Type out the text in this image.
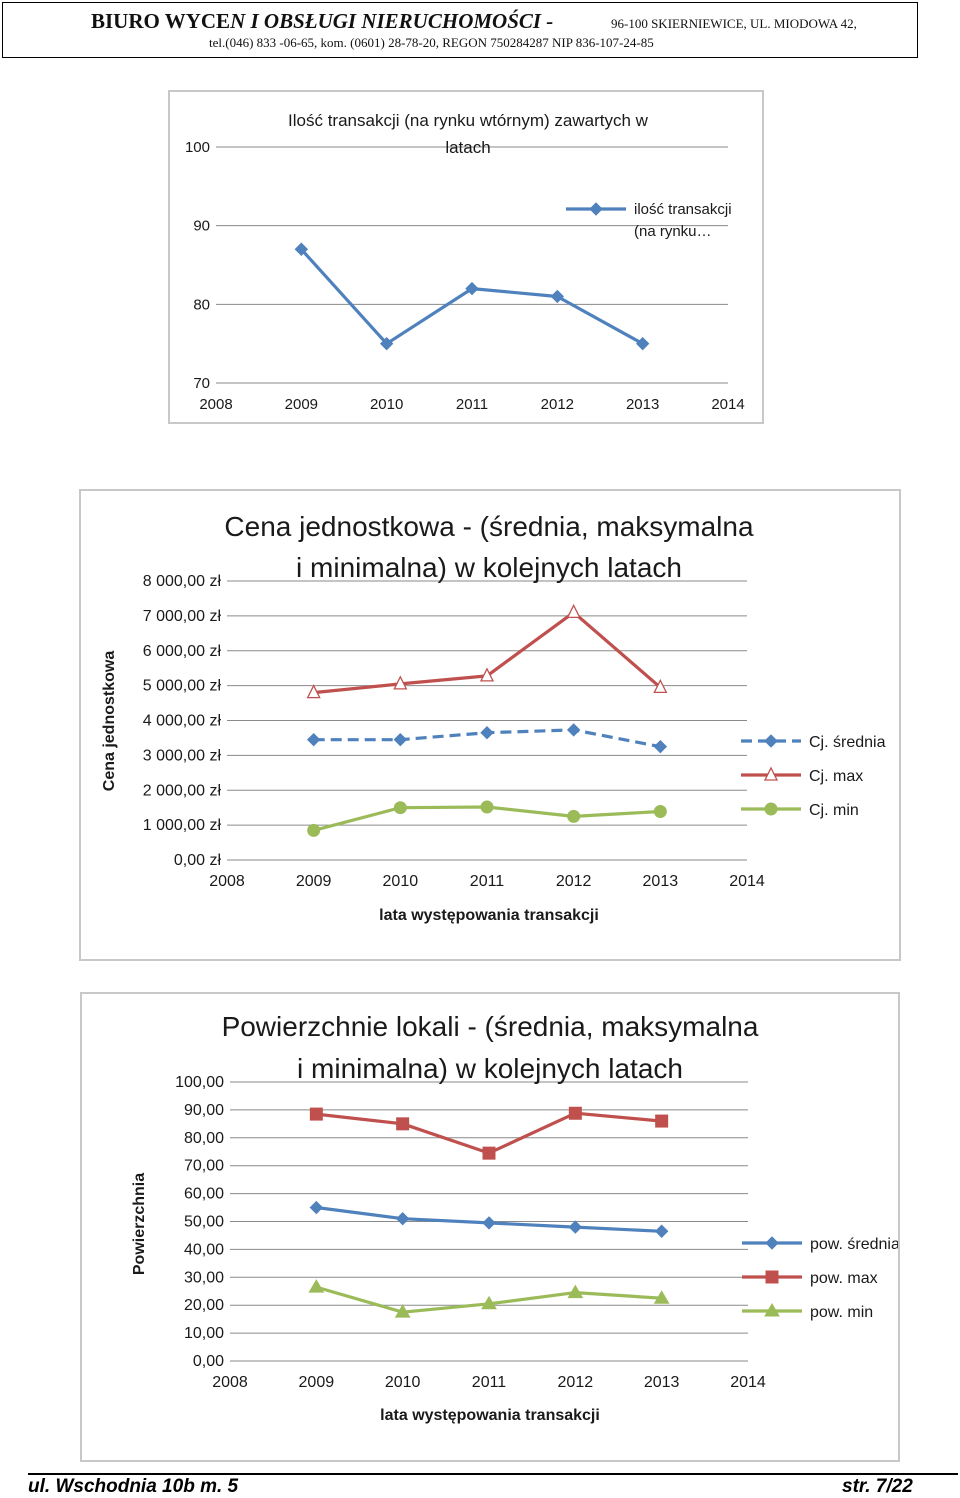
BIURO WYCEN I OBSŁUGI NIERUCHOMOŚCI -	96-100 SKIERNIEWICE, UL. MIODOWA 42,
tel.(046) 833 -06-65, kom. (0601) 28-78-20, REGON 750284287 NIP 836-107-24-85
70
80
90
100
2008	2009	2010	2011	2012	2013	2014
Ilość transakcji (na rynku wtórnym) zawartych w
latach
ilość transakcji
(na rynku…
0,00 zł
1 000,00 zł
2 000,00 zł
3 000,00 zł
4 000,00 zł
5 000,00 zł
6 000,00 zł
7 000,00 zł
8 000,00 zł
2008	2009	2010	2011	2012	2013	2014
Cena jednostkowa - (średnia, maksymalna
i minimalna) w kolejnych latach
lata występowania transakcji
Cena jednostkowa	Cj. średnia
Cj. max
Cj. min
0,00
10,00
20,00
30,00
40,00
50,00
60,00
70,00
80,00
90,00
100,00
2008	2009	2010	2011	2012	2013	2014
Powierzchnie lokali - (średnia, maksymalna
i minimalna) w kolejnych latach
lata występowania transakcji
Powierzchnia	pow. średnia
pow. max
pow. min
ul. Wschodnia 10b m. 5	str. 7/22
